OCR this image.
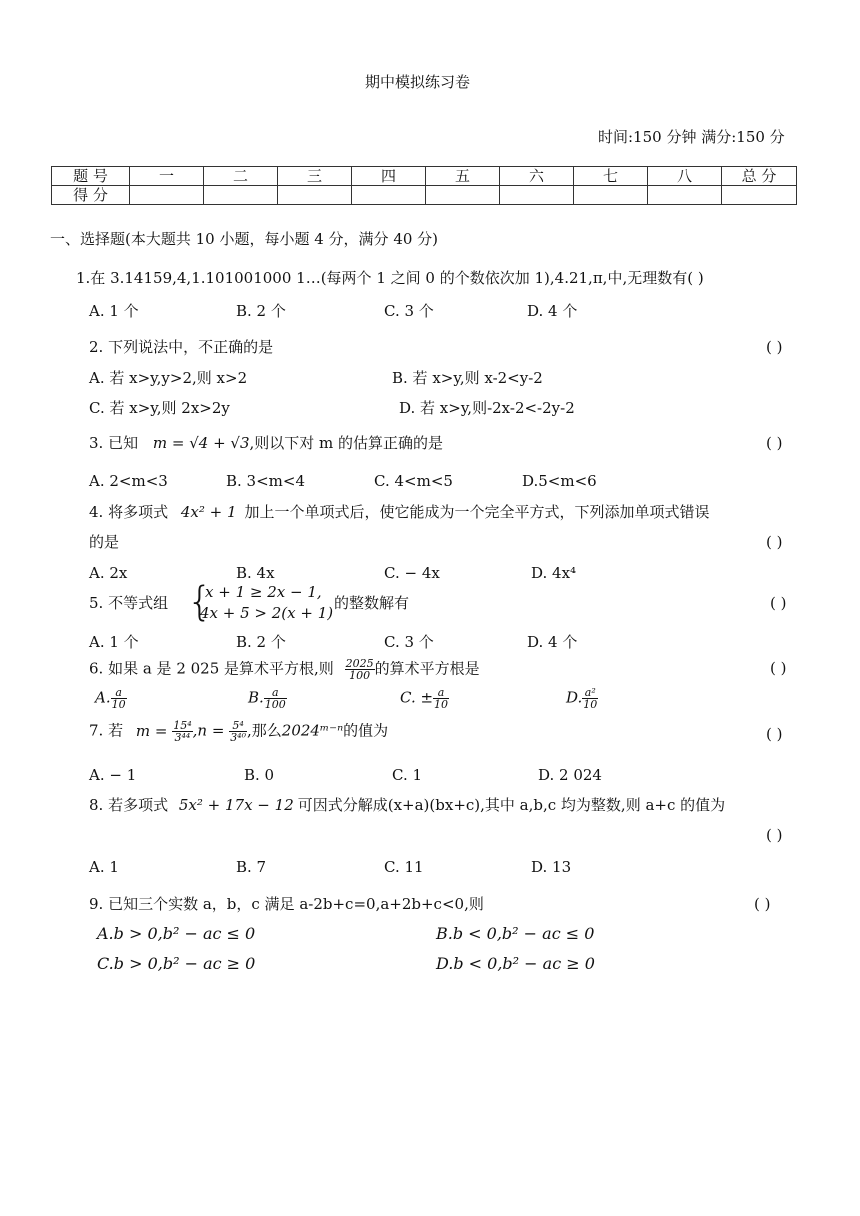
期中模拟练习卷
时间:150 分钟 满分:150 分
题 号	一	二	三	四	五	六	七	八	总 分
得 分									
一、选择题(本大题共 10 小题，每小题 4 分，满分 40 分)
1.在 3.14159,4,1.101001000 1…(每两个 1 之间 0 的个数依次加 1),4.21,π,中,无理数有( )
A. 1 个	B. 2 个	C. 3 个	D. 4 个
2. 下列说法中，不正确的是	( )
A. 若 x>y,y>2,则 x>2	B. 若 x>y,则 x-2<y-2
C. 若 x>y,则 2x>2y	D. 若 x>y,则-2x-2<-2y-2
3. 已知 m = √4 + √3,则以下对 m 的估算正确的是	( )
A. 2<m<3	B. 3<m<4	C. 4<m<5	D.5<m<6
4. 将多项式 4x² + 1 加上一个单项式后，使它能成为一个完全平方式，下列添加单项式错误
的是	( )
A. 2x	B. 4x	C. − 4x	D. 4x⁴
5. 不等式组 {
x + 1 ≥ 2x − 1,
4x + 5 > 2(x + 1)
的整数解有	( )
A. 1 个	B. 2 个	C. 3 个	D. 4 个
6. 如果 a 是 2 025 是算术平方根,则 $\frac{2025}{100}$ 的算术平方根是	( )
A. $\frac{a}{10}$	B. $\frac{a}{100}$	C. ± $\frac{a}{10}$	D. $\frac{\text{a²}}{10}$
7. 若 $m = \frac{\text{15⁴}}{\text{3⁴⁴}} ,n = \frac{\text{5⁴}}{\text{3⁴⁰}}$ ,那么2024ᵐ⁻ⁿ的值为	( )
A. − 1	B. 0	C. 1	D. 2 024
8. 若多项式 5x² + 17x − 12 可因式分解成(x+a)(bx+c),其中 a,b,c 均为整数,则 a+c 的值为
( )
A. 1	B. 7	C. 11	D. 13
9. 已知三个实数 a，b，c 满足 a-2b+c=0,a+2b+c<0,则	( )
A.b > 0,b² − ac ≤ 0	B.b < 0,b² − ac ≤ 0
C.b > 0,b² − ac ≥ 0	D.b < 0,b² − ac ≥ 0
